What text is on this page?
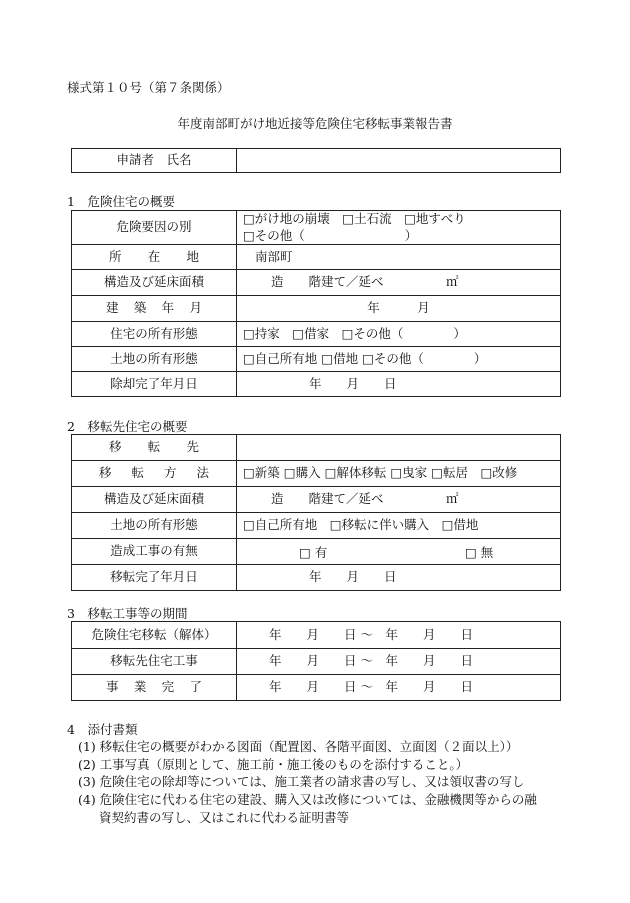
様式第１０号（第７条関係）
年度南部町がけ地近接等危険住宅移転事業報告書
申請者　氏名	
1　危険住宅の概要
危険要因の別	□がけ地の崩壊　□土石流　□地すべり
□その他（　　　　　　　　）

所 在 地	南部町
構造及び延床面積	造　　階建て／延べ　　　　　㎡

建 築 年 月	年　　　月
住宅の所有形態	□持家　□借家　□その他（　　　　）
土地の所有形態	□自己所有地 □借地 □その他（　　　　）
除却完了年月日	年　　月　　日
2　移転先住宅の概要
移 転 先	

移 転 方 法	□新築 □購入 □解体移転 □曳家 □転居　□改修
構造及び延床面積	造　　階建て／延べ　　　　　㎡
土地の所有形態	□自己所有地　□移転に伴い購入　□借地
造成工事の有無	□ 有 □ 無

移転完了年月日	年　　月　　日
3　移転工事等の期間
危険住宅移転（解体）	年　　月　　日 ～　年　　月　　日
移転先住宅工事	年　　月　　日 ～　年　　月　　日

事 業 完 了	年　　月　　日 ～　年　　月　　日
4　添付書類
(1) 移転住宅の概要がわかる図面（配置図、各階平面図、立面図（２面以上））
(2) 工事写真（原則として、施工前・施工後のものを添付すること。）
(3) 危険住宅の除却等については、施工業者の請求書の写し、又は領収書の写し
(4) 危険住宅に代わる住宅の建設、購入又は改修については、金融機関等からの融
資契約書の写し、又はこれに代わる証明書等
